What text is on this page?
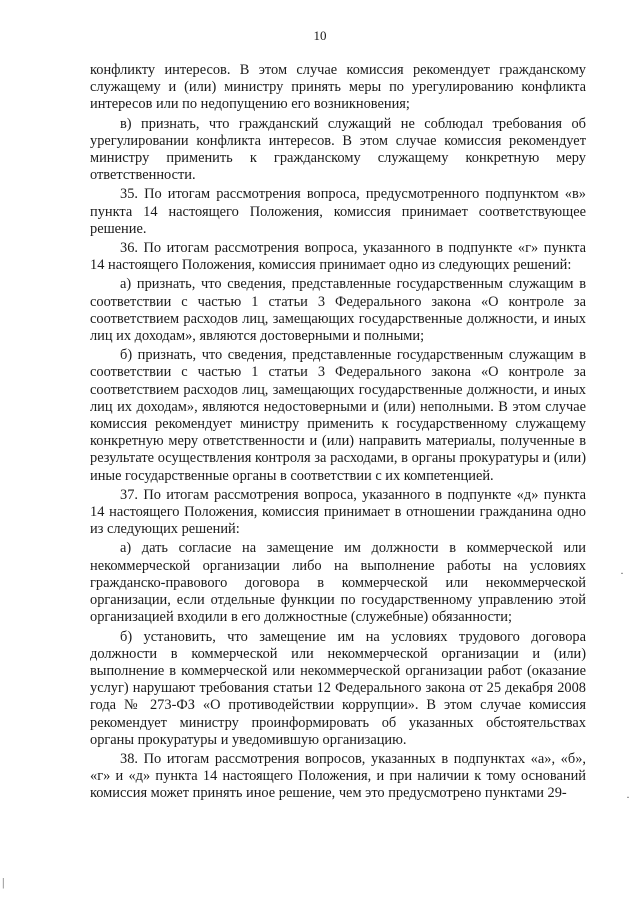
10

конфликту интересов. В этом случае комиссия рекомендует гражданскому служащему и (или) министру принять меры по урегулированию конфликта интересов или по недопущению его возникновения;

в) признать, что гражданский служащий не соблюдал требования об урегулировании конфликта интересов. В этом случае комиссия рекомендует министру применить к гражданскому служащему конкретную меру ответственности.

35. По итогам рассмотрения вопроса, предусмотренного подпунктом «в» пункта 14 настоящего Положения, комиссия принимает соответствующее решение.

36. По итогам рассмотрения вопроса, указанного в подпункте «г» пункта 14 настоящего Положения, комиссия принимает одно из следующих решений:

а) признать, что сведения, представленные государственным служащим в соответствии с частью 1 статьи 3 Федерального закона «О контроле за соответствием расходов лиц, замещающих государственные должности, и иных лиц их доходам», являются достоверными и полными;

б) признать, что сведения, представленные государственным служащим в соответствии с частью 1 статьи 3 Федерального закона «О контроле за соответствием расходов лиц, замещающих государственные должности, и иных лиц их доходам», являются недостоверными и (или) неполными. В этом случае комиссия рекомендует министру применить к государственному служащему конкретную меру ответственности и (или) направить материалы, полученные в результате осуществления контроля за расходами, в органы прокуратуры и (или) иные государственные органы в соответствии с их компетенцией.

37. По итогам рассмотрения вопроса, указанного в подпункте «д» пункта 14 настоящего Положения, комиссия принимает в отношении гражданина одно из следующих решений:

а) дать согласие на замещение им должности в коммерческой или некоммерческой организации либо на выполнение работы на условиях гражданско-правового договора в коммерческой или некоммерческой организации, если отдельные функции по государственному управлению этой организацией входили в его должностные (служебные) обязанности;

б) установить, что замещение им на условиях трудового договора должности в коммерческой или некоммерческой организации и (или) выполнение в коммерческой или некоммерческой организации работ (оказание услуг) нарушают требования статьи 12 Федерального закона от 25 декабря 2008 года № 273-ФЗ «О противодействии коррупции». В этом случае комиссия рекомендует министру проинформировать об указанных обстоятельствах органы прокуратуры и уведомившую организацию.

38. По итогам рассмотрения вопросов, указанных в подпунктах «а», «б», «г» и «д» пункта 14 настоящего Положения, и при наличии к тому оснований комиссия может принять иное решение, чем это предусмотрено пунктами 29-

·
·
|
